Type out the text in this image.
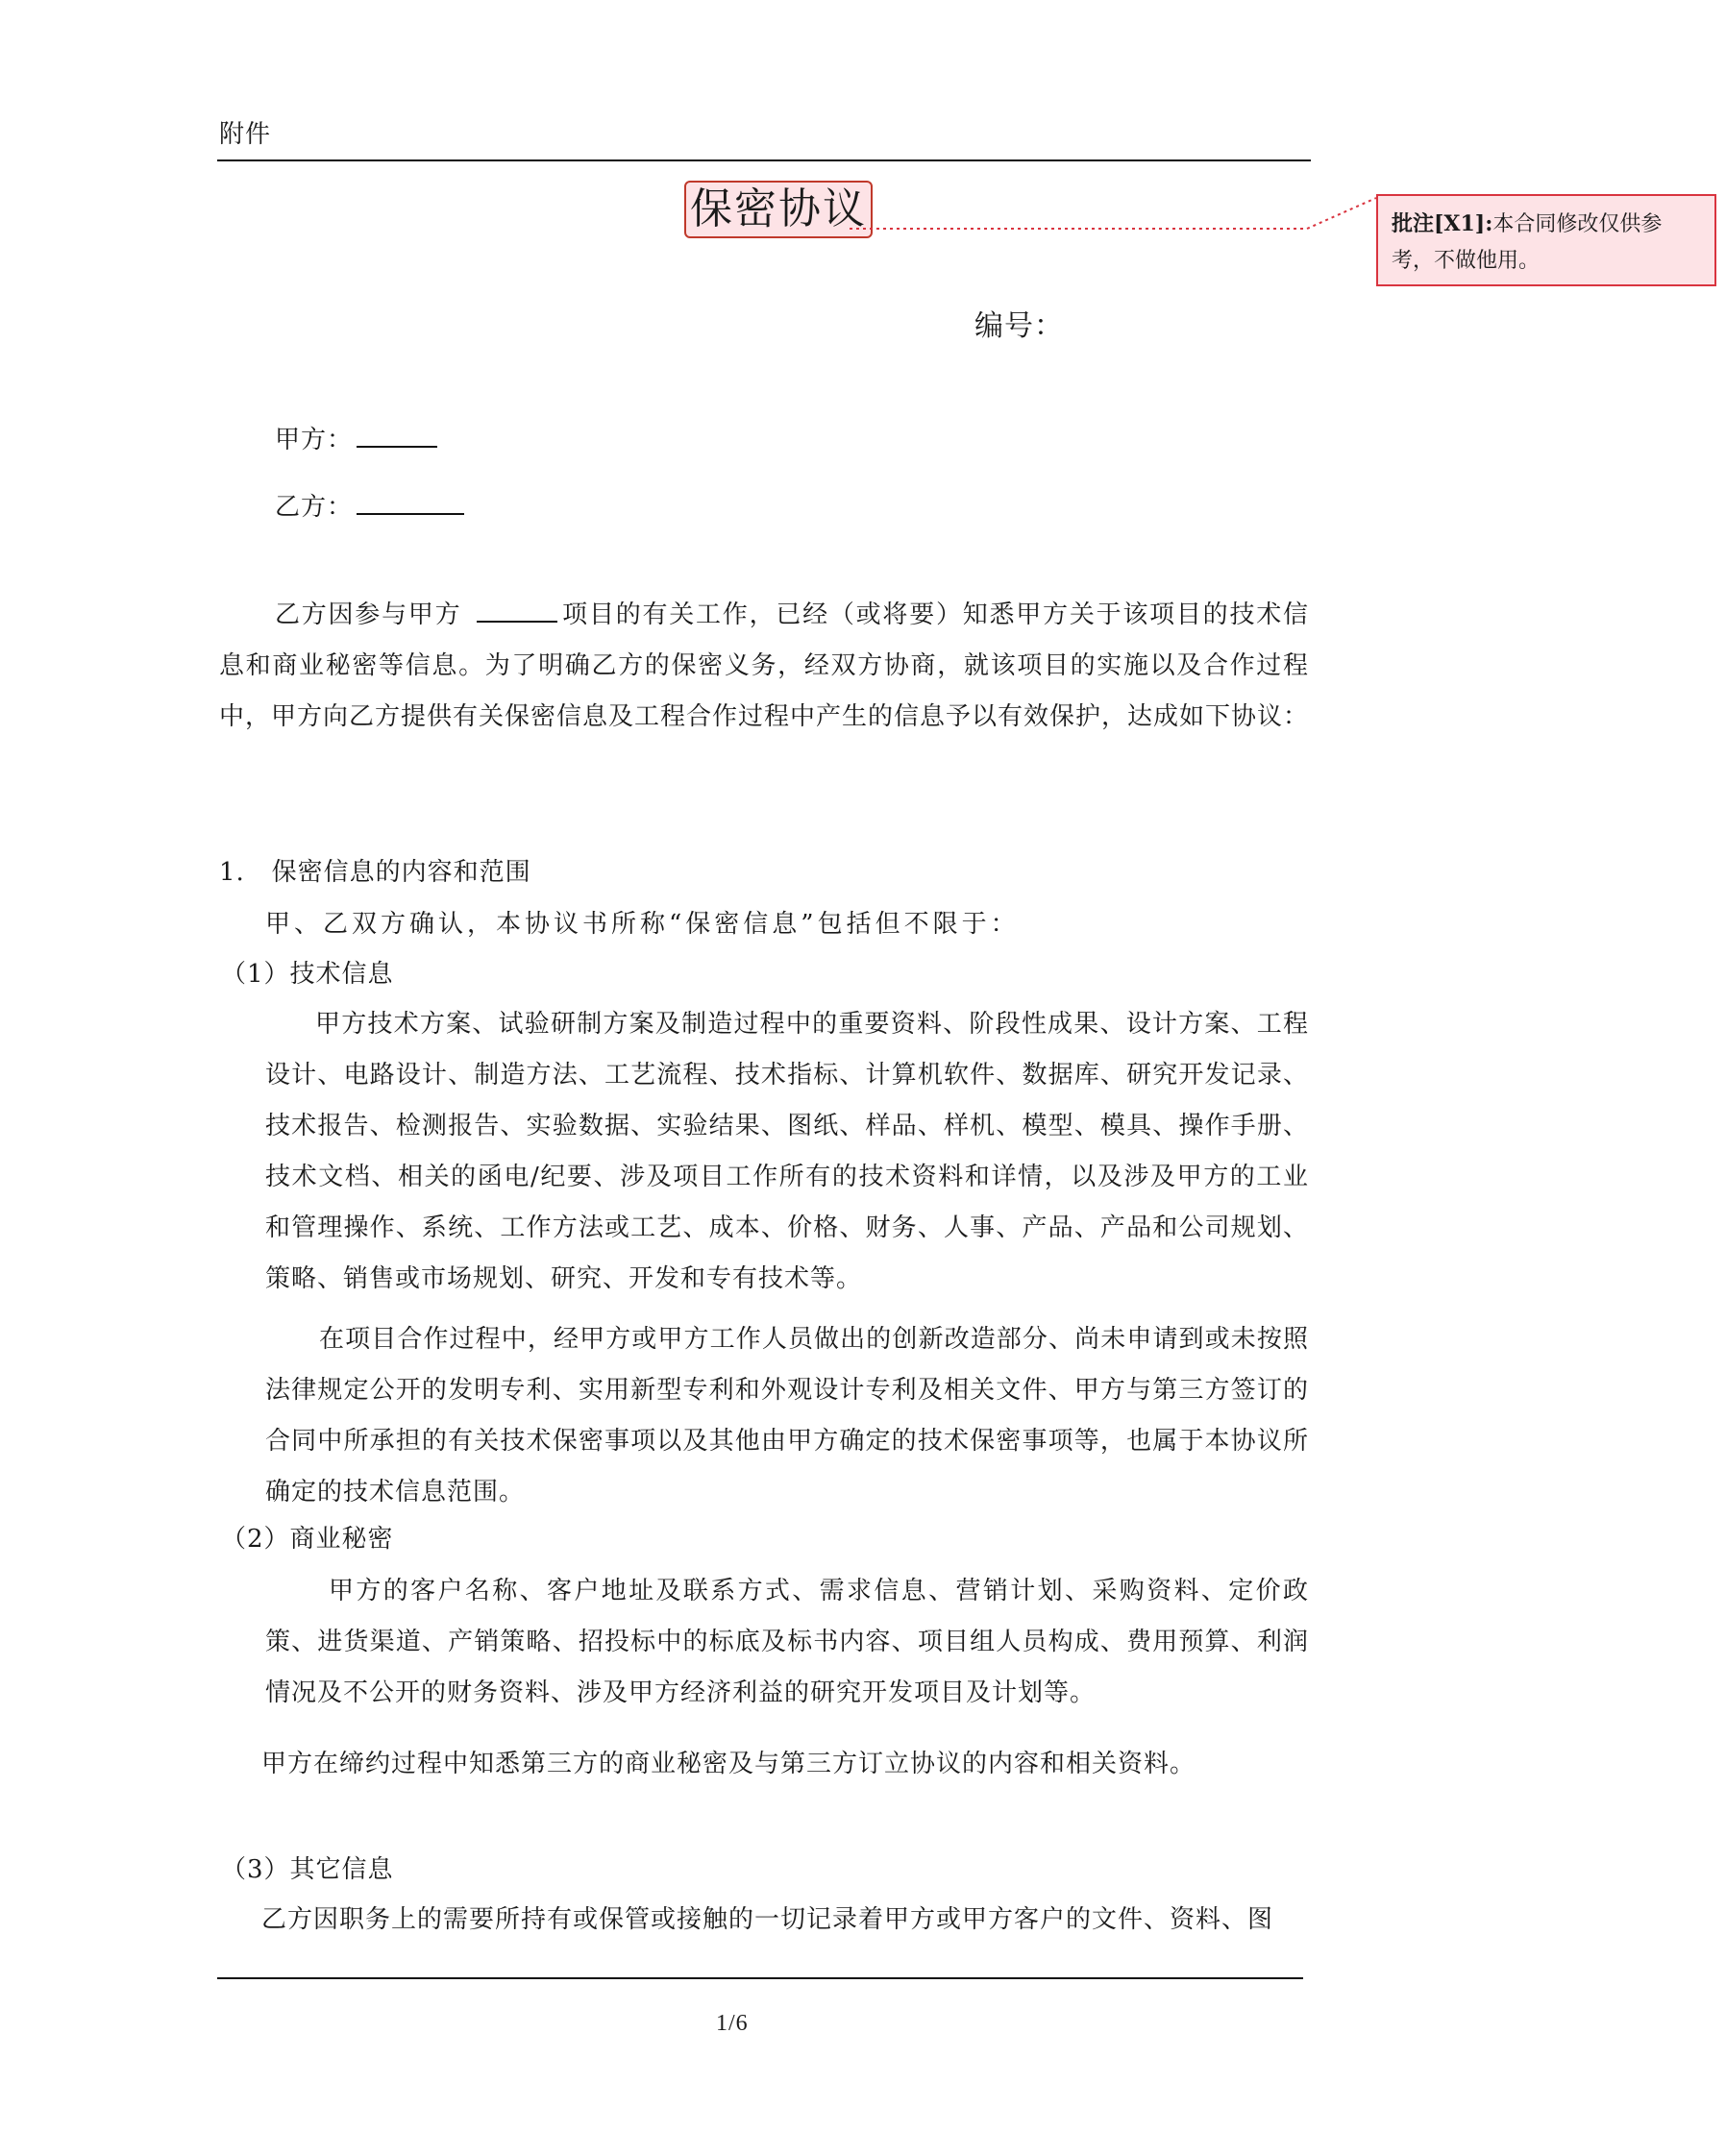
附件
保密协议	批注[X1]:本合同修改仅供参考，不做他用。
编号：
甲方：
乙方：
乙方因参与甲方	项目的有关工作，已经（或将要）知悉甲方关于该项目的技术信息和商业秘密等信息。为了明确乙方的保密义务，经双方协商，就该项目的实施以及合作过程中，甲方向乙方提供有关保密信息及工程合作过程中产生的信息予以有效保护，达成如下协议：
1.   保密信息的内容和范围
甲、乙双方确认，本协议书所称“保密信息”包括但不限于：
（1）技术信息
甲方技术方案、试验研制方案及制造过程中的重要资料、阶段性成果、设计方案、工程设计、电路设计、制造方法、工艺流程、技术指标、计算机软件、数据库、研究开发记录、技术报告、检测报告、实验数据、实验结果、图纸、样品、样机、模型、模具、操作手册、技术文档、相关的函电/纪要、涉及项目工作所有的技术资料和详情，以及涉及甲方的工业和管理操作、系统、工作方法或工艺、成本、价格、财务、人事、产品、产品和公司规划、策略、销售或市场规划、研究、开发和专有技术等。
在项目合作过程中，经甲方或甲方工作人员做出的创新改造部分、尚未申请到或未按照法律规定公开的发明专利、实用新型专利和外观设计专利及相关文件、甲方与第三方签订的合同中所承担的有关技术保密事项以及其他由甲方确定的技术保密事项等，也属于本协议所确定的技术信息范围。
（2）商业秘密
甲方的客户名称、客户地址及联系方式、需求信息、营销计划、采购资料、定价政策、进货渠道、产销策略、招投标中的标底及标书内容、项目组人员构成、费用预算、利润情况及不公开的财务资料、涉及甲方经济利益的研究开发项目及计划等。
甲方在缔约过程中知悉第三方的商业秘密及与第三方订立协议的内容和相关资料。
（3）其它信息
乙方因职务上的需要所持有或保管或接触的一切记录着甲方或甲方客户的文件、资料、图
1/6
